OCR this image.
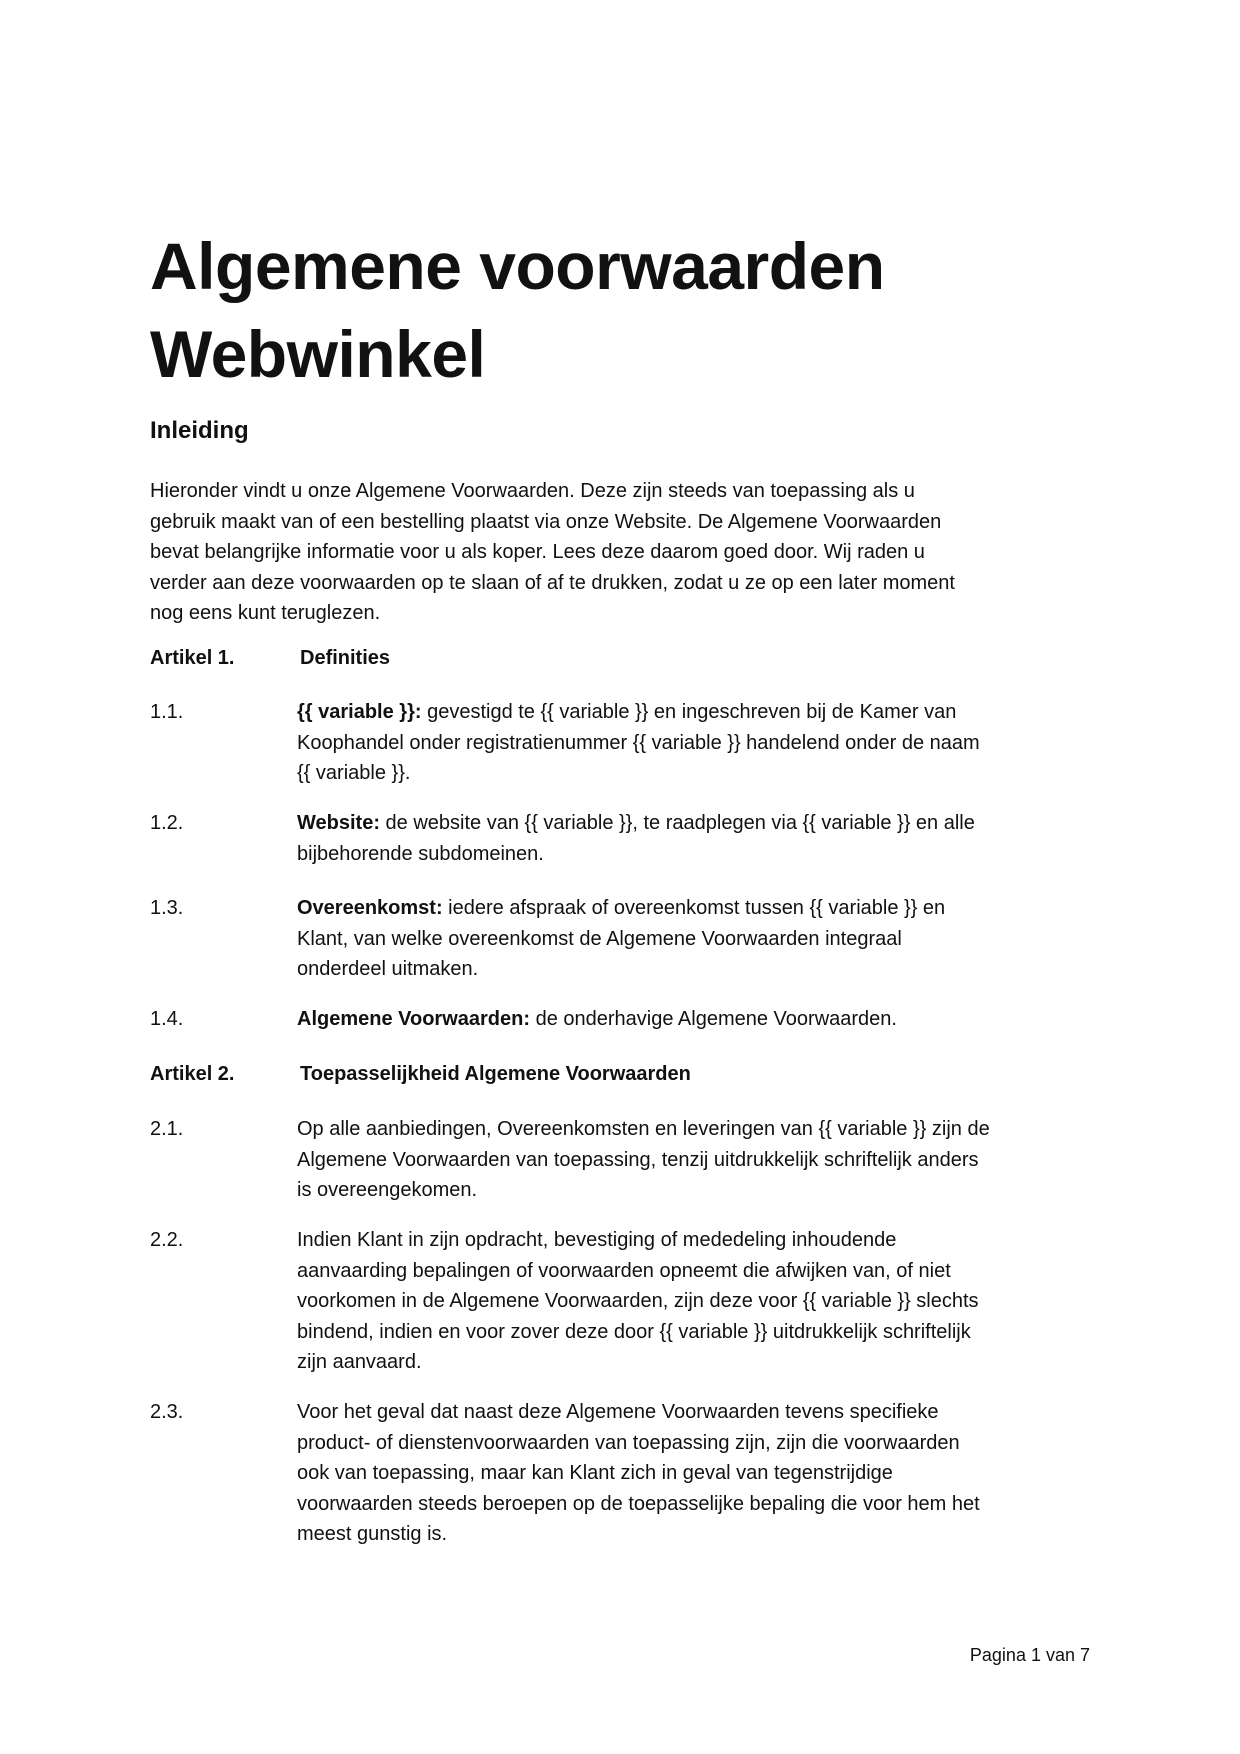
Algemene voorwaarden
Webwinkel
Inleiding
Hieronder vindt u onze Algemene Voorwaarden. Deze zijn steeds van toepassing als u
gebruik maakt van of een bestelling plaatst via onze Website. De Algemene Voorwaarden
bevat belangrijke informatie voor u als koper. Lees deze daarom goed door. Wij raden u
verder aan deze voorwaarden op te slaan of af te drukken, zodat u ze op een later moment
nog eens kunt teruglezen.
Artikel 1.	Definities
1.1.	{{ variable }}: gevestigd te {{ variable }} en ingeschreven bij de Kamer van
Koophandel onder registratienummer {{ variable }} handelend onder de naam
{{ variable }}.
1.2.	Website: de website van {{ variable }}, te raadplegen via {{ variable }} en alle
bijbehorende subdomeinen.
1.3.	Overeenkomst: iedere afspraak of overeenkomst tussen {{ variable }} en
Klant, van welke overeenkomst de Algemene Voorwaarden integraal
onderdeel uitmaken.
1.4.	Algemene Voorwaarden: de onderhavige Algemene Voorwaarden.
Artikel 2.	Toepasselijkheid Algemene Voorwaarden
2.1.	Op alle aanbiedingen, Overeenkomsten en leveringen van {{ variable }} zijn de
Algemene Voorwaarden van toepassing, tenzij uitdrukkelijk schriftelijk anders
is overeengekomen.
2.2.	Indien Klant in zijn opdracht, bevestiging of mededeling inhoudende
aanvaarding bepalingen of voorwaarden opneemt die afwijken van, of niet
voorkomen in de Algemene Voorwaarden, zijn deze voor {{ variable }} slechts
bindend, indien en voor zover deze door {{ variable }} uitdrukkelijk schriftelijk
zijn aanvaard.
2.3.	Voor het geval dat naast deze Algemene Voorwaarden tevens specifieke
product- of dienstenvoorwaarden van toepassing zijn, zijn die voorwaarden
ook van toepassing, maar kan Klant zich in geval van tegenstrijdige
voorwaarden steeds beroepen op de toepasselijke bepaling die voor hem het
meest gunstig is.
Pagina 1 van 7
